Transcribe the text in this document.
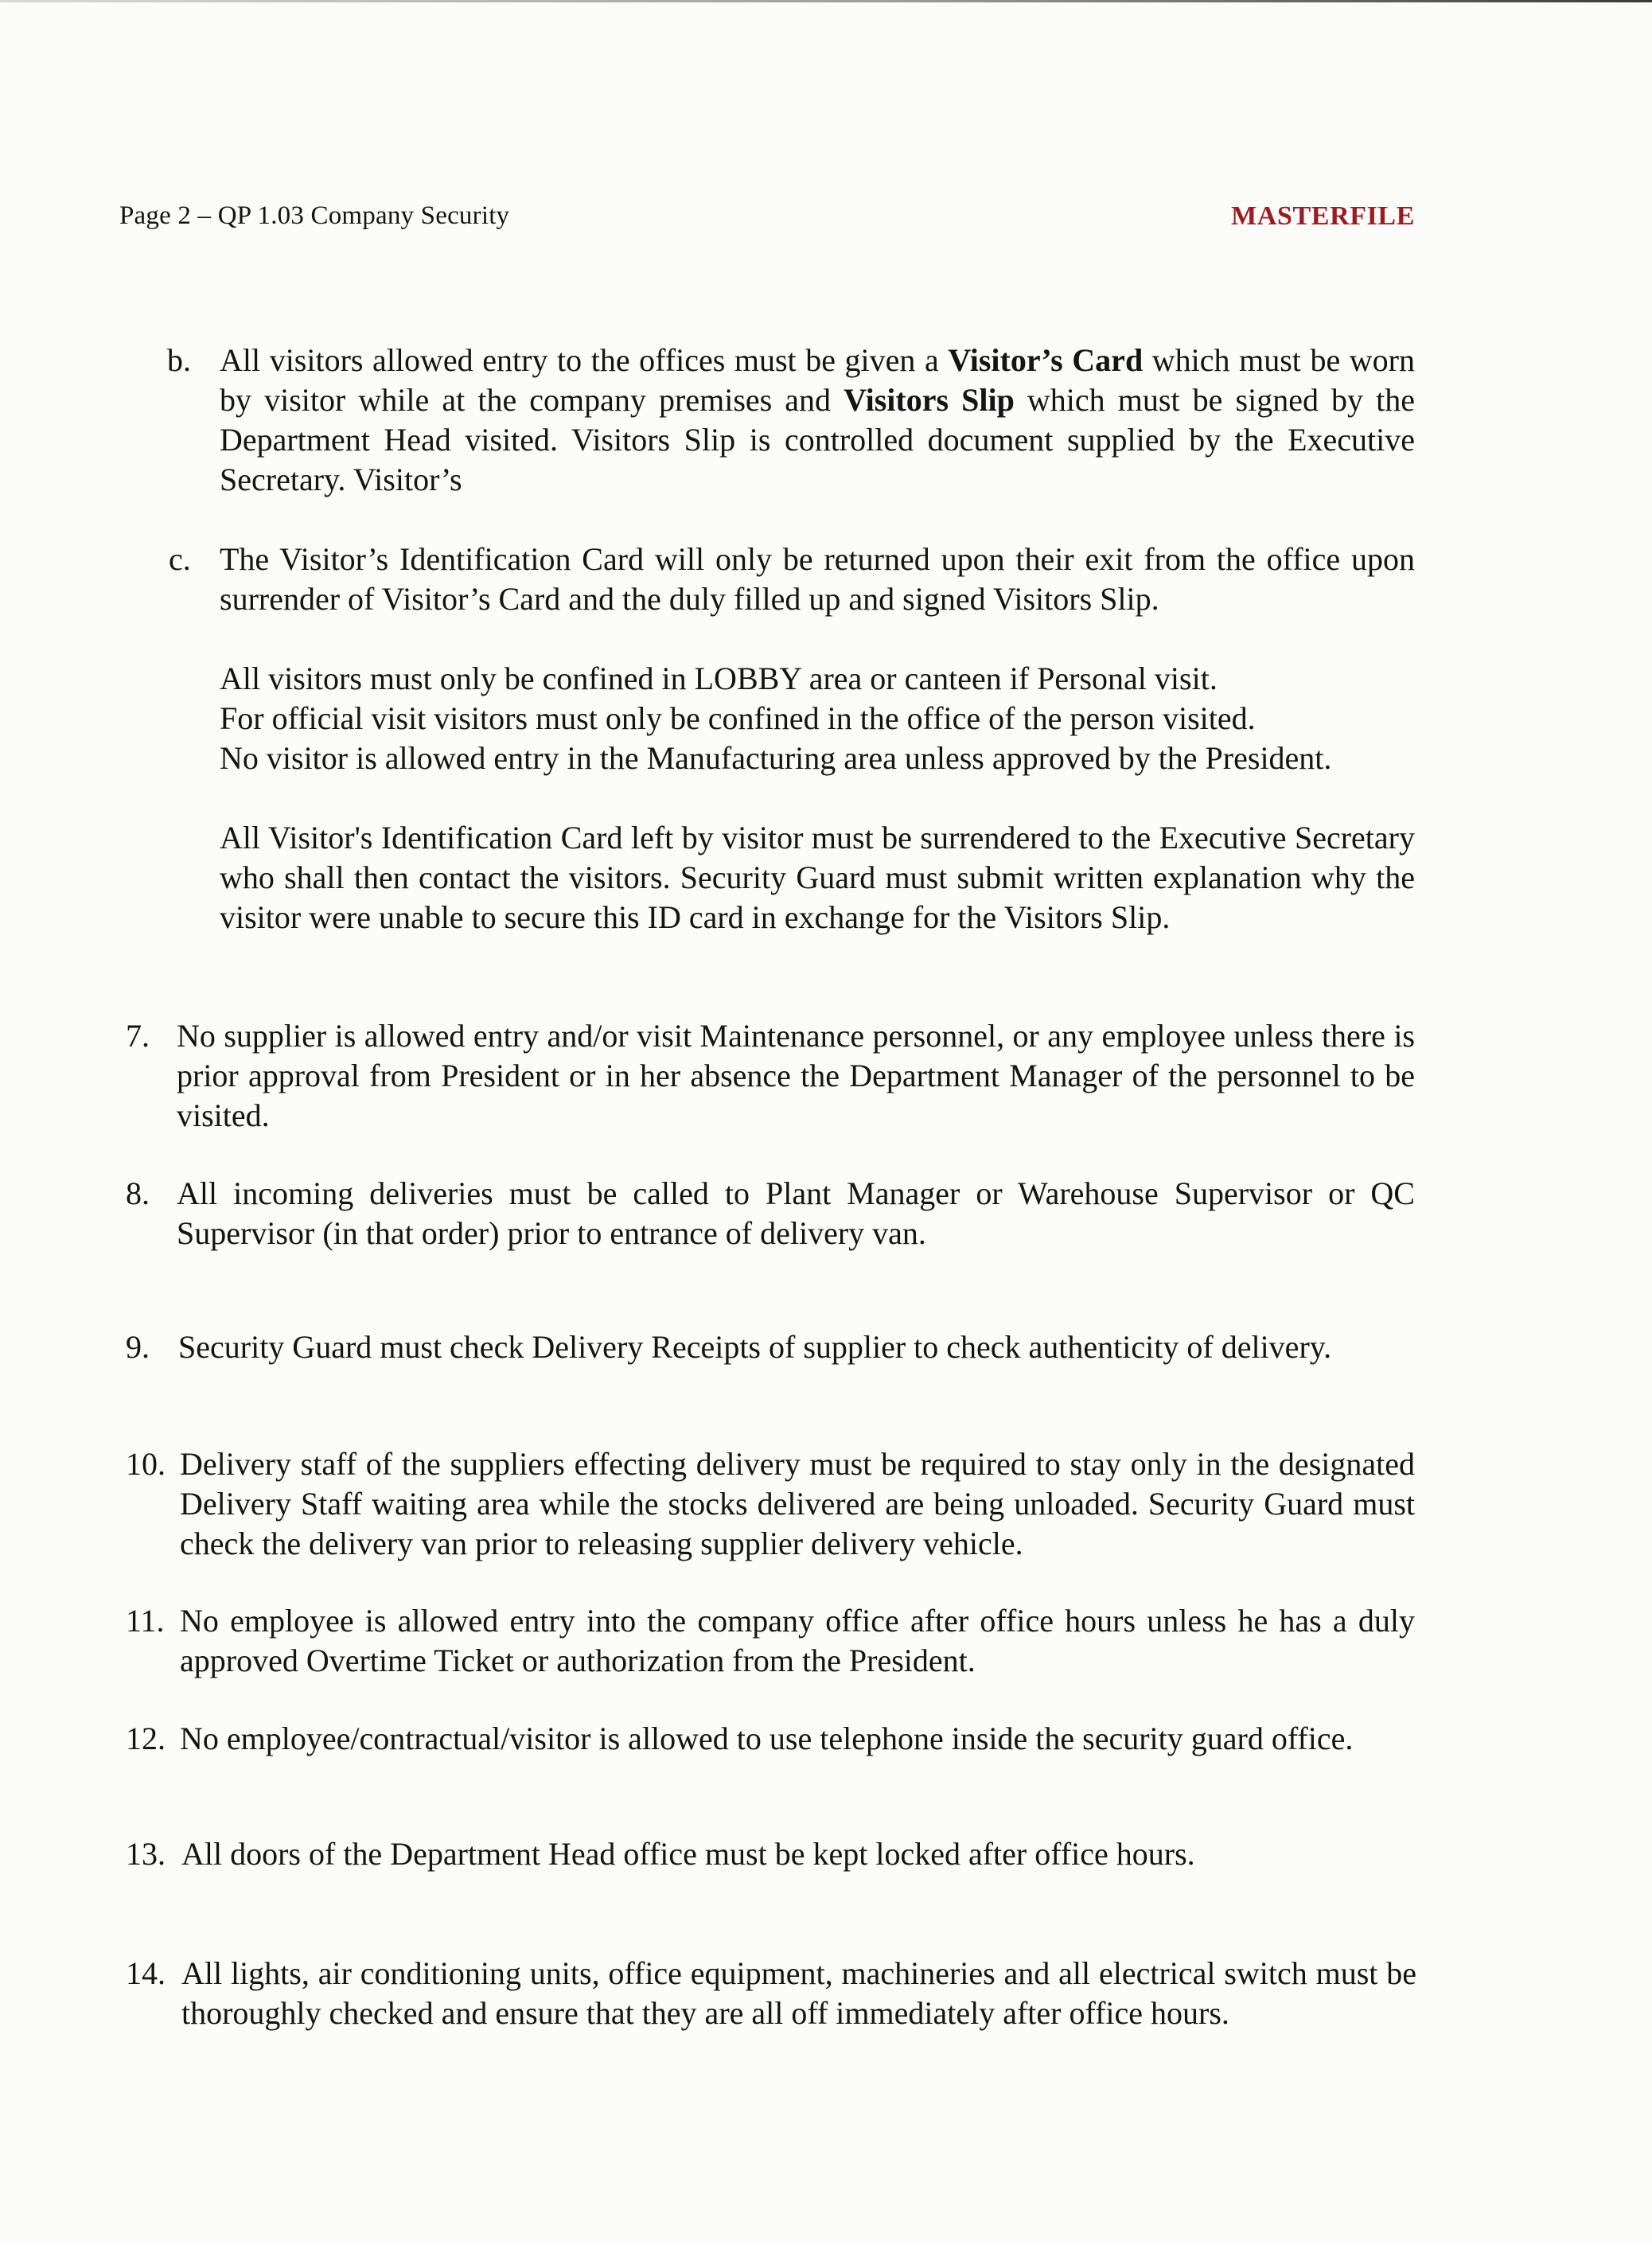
Page 2 – QP 1.03 Company Security	MASTERFILE
b. All visitors allowed entry to the offices must be given a Visitor’s Card which must be worn by visitor while at the company premises and Visitors Slip which must be signed by the Department Head visited. Visitors Slip is controlled document supplied by the Executive Secretary. Visitor’s

c. The Visitor’s Identification Card will only be returned upon their exit from the office upon surrender of Visitor’s Card and the duly filled up and signed Visitors Slip.

All visitors must only be confined in LOBBY area or canteen if Personal visit.
For official visit visitors must only be confined in the office of the person visited.
No visitor is allowed entry in the Manufacturing area unless approved by the President.

All Visitor's Identification Card left by visitor must be surrendered to the Executive Secretary who shall then contact the visitors. Security Guard must submit written explanation why the visitor were unable to secure this ID card in exchange for the Visitors Slip.

7. No supplier is allowed entry and/or visit Maintenance personnel, or any employee unless there is prior approval from President or in her absence the Department Manager of the personnel to be visited.

8. All incoming deliveries must be called to Plant Manager or Warehouse Supervisor or QC Supervisor (in that order) prior to entrance of delivery van.

9. Security Guard must check Delivery Receipts of supplier to check authenticity of delivery.

10. Delivery staff of the suppliers effecting delivery must be required to stay only in the designated Delivery Staff waiting area while the stocks delivered are being unloaded. Security Guard must check the delivery van prior to releasing supplier delivery vehicle.

11. No employee is allowed entry into the company office after office hours unless he has a duly approved Overtime Ticket or authorization from the President.

12. No employee/contractual/visitor is allowed to use telephone inside the security guard office.

13. All doors of the Department Head office must be kept locked after office hours.

14. All lights, air conditioning units, office equipment, machineries and all electrical switch must be thoroughly checked and ensure that they are all off immediately after office hours.
